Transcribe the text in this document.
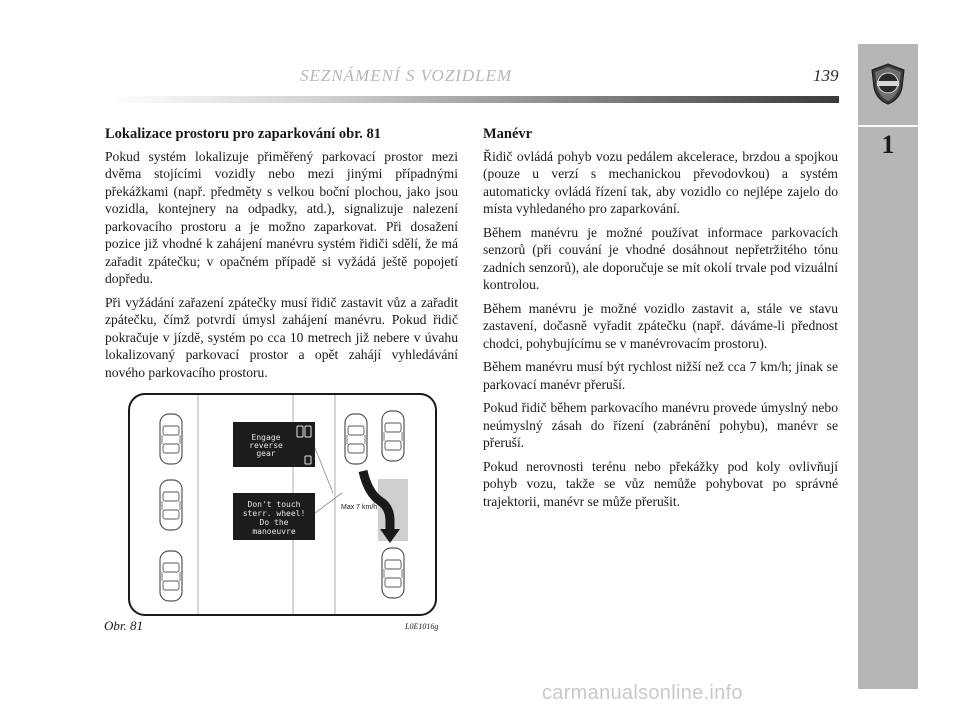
SEZNÁMENÍ S VOZIDLEM	139
1
Lokalizace prostoru pro zaparkování obr. 81

Pokud systém lokalizuje přiměřený parkovací prostor mezi dvěma stojícími vozidly nebo mezi jinými případnými překážkami (např. předměty s velkou boční plochou, jako jsou vozidla, kontejnery na odpadky, atd.), signalizuje nalezení parkovacího prostoru a je možno zaparkovat. Při dosažení pozice již vhodné k zahájení manévru systém řidiči sdělí, že má zařadit zpátečku; v opačném případě si vyžádá ještě popojetí dopředu.

Při vyžádání zařazení zpátečky musí řidič zastavit vůz a zařadit zpátečku, čímž potvrdí úmysl zahájení manévru. Pokud řidič pokračuje v jízdě, systém po cca 10 metrech již nebere v úvahu lokalizovaný parkovací prostor a opět zahájí vyhledávání nového parkovacího prostoru.

Manévr

Řidič ovládá pohyb vozu pedálem akcelerace, brzdou a spojkou (pouze u verzí s mechanickou převodovkou) a systém automaticky ovládá řízení tak, aby vozidlo co nejlépe zajelo do místa vyhledaného pro zaparkování.

Během manévru je možné používat informace parkovacích senzorů (při couvání je vhodné dosáhnout nepřetržitého tónu zadních senzorů), ale doporučuje se mít okolí trvale pod vizuální kontrolou.

Během manévru je možné vozidlo zastavit a, stále ve stavu zastavení, dočasně vyřadit zpátečku (např. dáváme-li přednost chodci, pohybujícímu se v manévrovacím prostoru).

Během manévru musí být rychlost nižší než cca 7 km/h; jinak se parkovací manévr přeruší.

Pokud řidič během parkovacího manévru provede úmyslný nebo neúmyslný zásah do řízení (zabránění pohybu), manévr se přeruší.

Pokud nerovnosti terénu nebo překážky pod koly ovlivňují pohyb vozu, takže se vůz nemůže pohybovat po správné trajektorii, manévr se může přerušit.

Max 7 km/h
Engage
reverse
gear
Don't touch
sterr. wheel!
Do the
manoeuvre
Obr. 81	L0E1016g
carmanualsonline.info
